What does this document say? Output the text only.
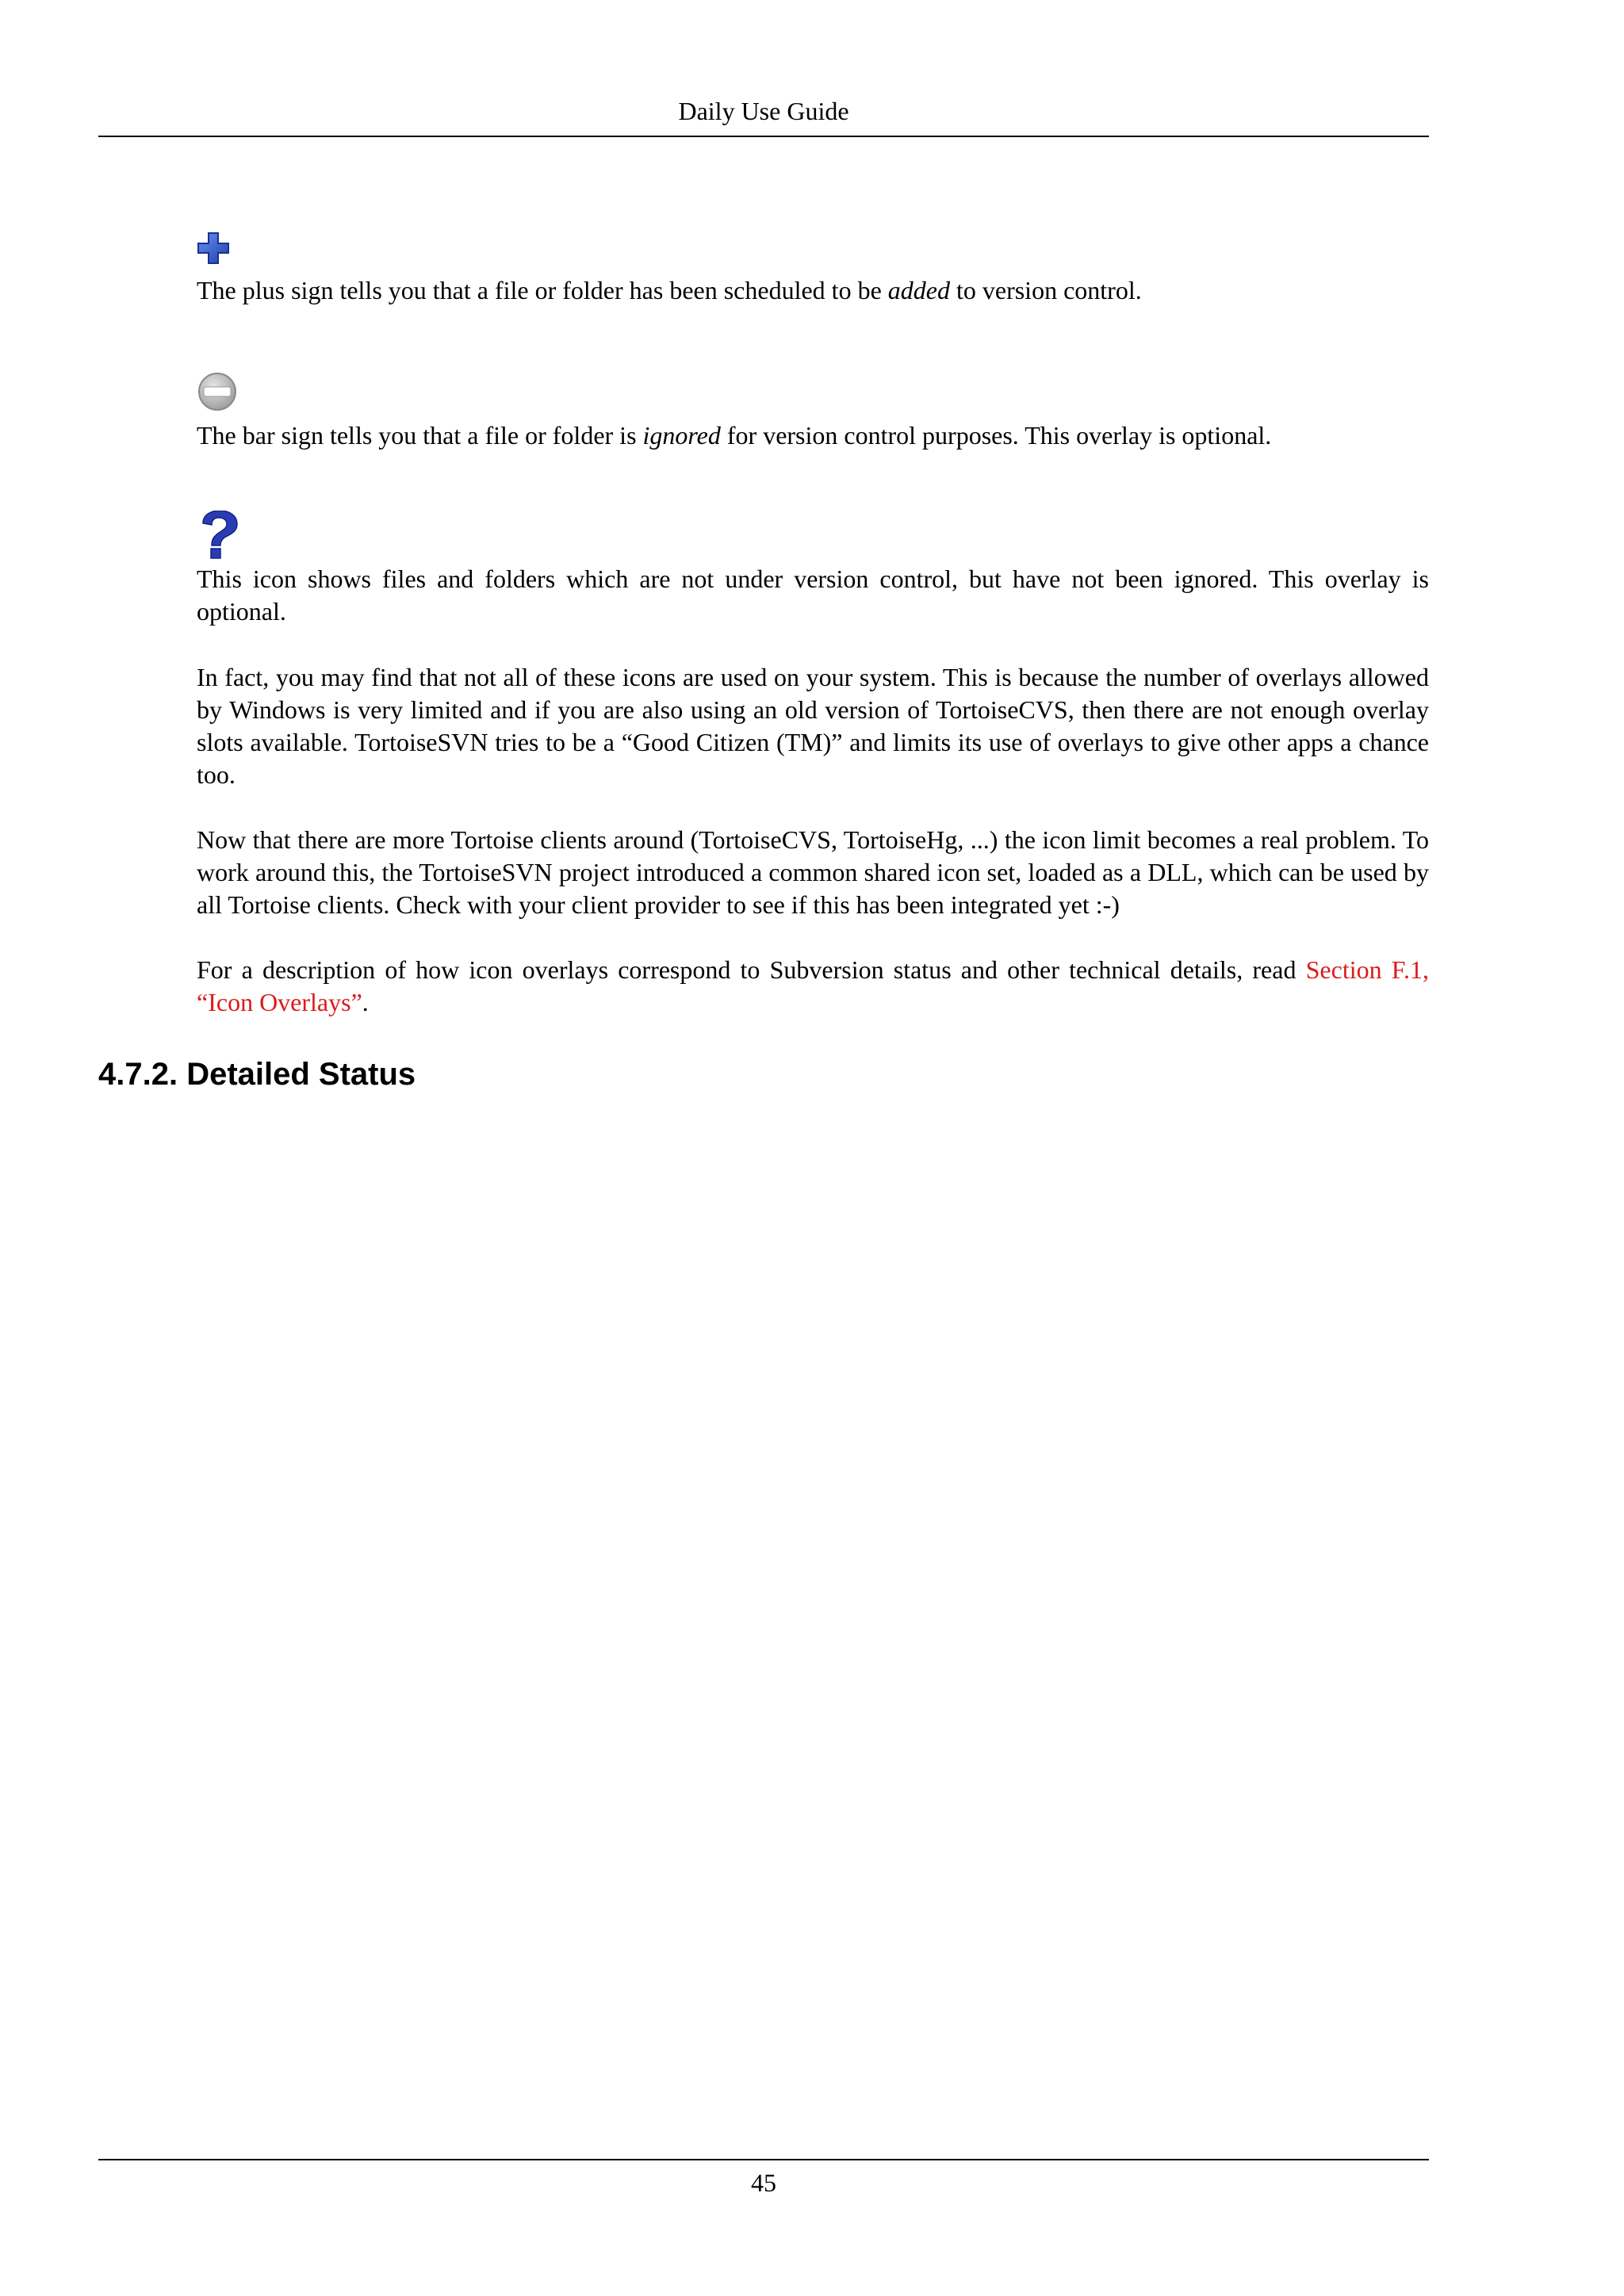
Daily Use Guide

The plus sign tells you that a file or folder has been scheduled to be added to version control.

The bar sign tells you that a file or folder is ignored for version control purposes. This overlay is optional.

This icon shows files and folders which are not under version control, but have not been ignored. This overlay is optional.

In fact, you may find that not all of these icons are used on your system. This is because the number of overlays allowed by Windows is very limited and if you are also using an old version of TortoiseCVS, then there are not enough overlay slots available. TortoiseSVN tries to be a “Good Citizen (TM)” and limits its use of overlays to give other apps a chance too.

Now that there are more Tortoise clients around (TortoiseCVS, TortoiseHg, ...) the icon limit becomes a real problem. To work around this, the TortoiseSVN project introduced a common shared icon set, loaded as a DLL, which can be used by all Tortoise clients. Check with your client provider to see if this has been integrated yet :-)

For a description of how icon overlays correspond to Subversion status and other technical details, read Section F.1, “Icon Overlays”.

4.7.2. Detailed Status
45
